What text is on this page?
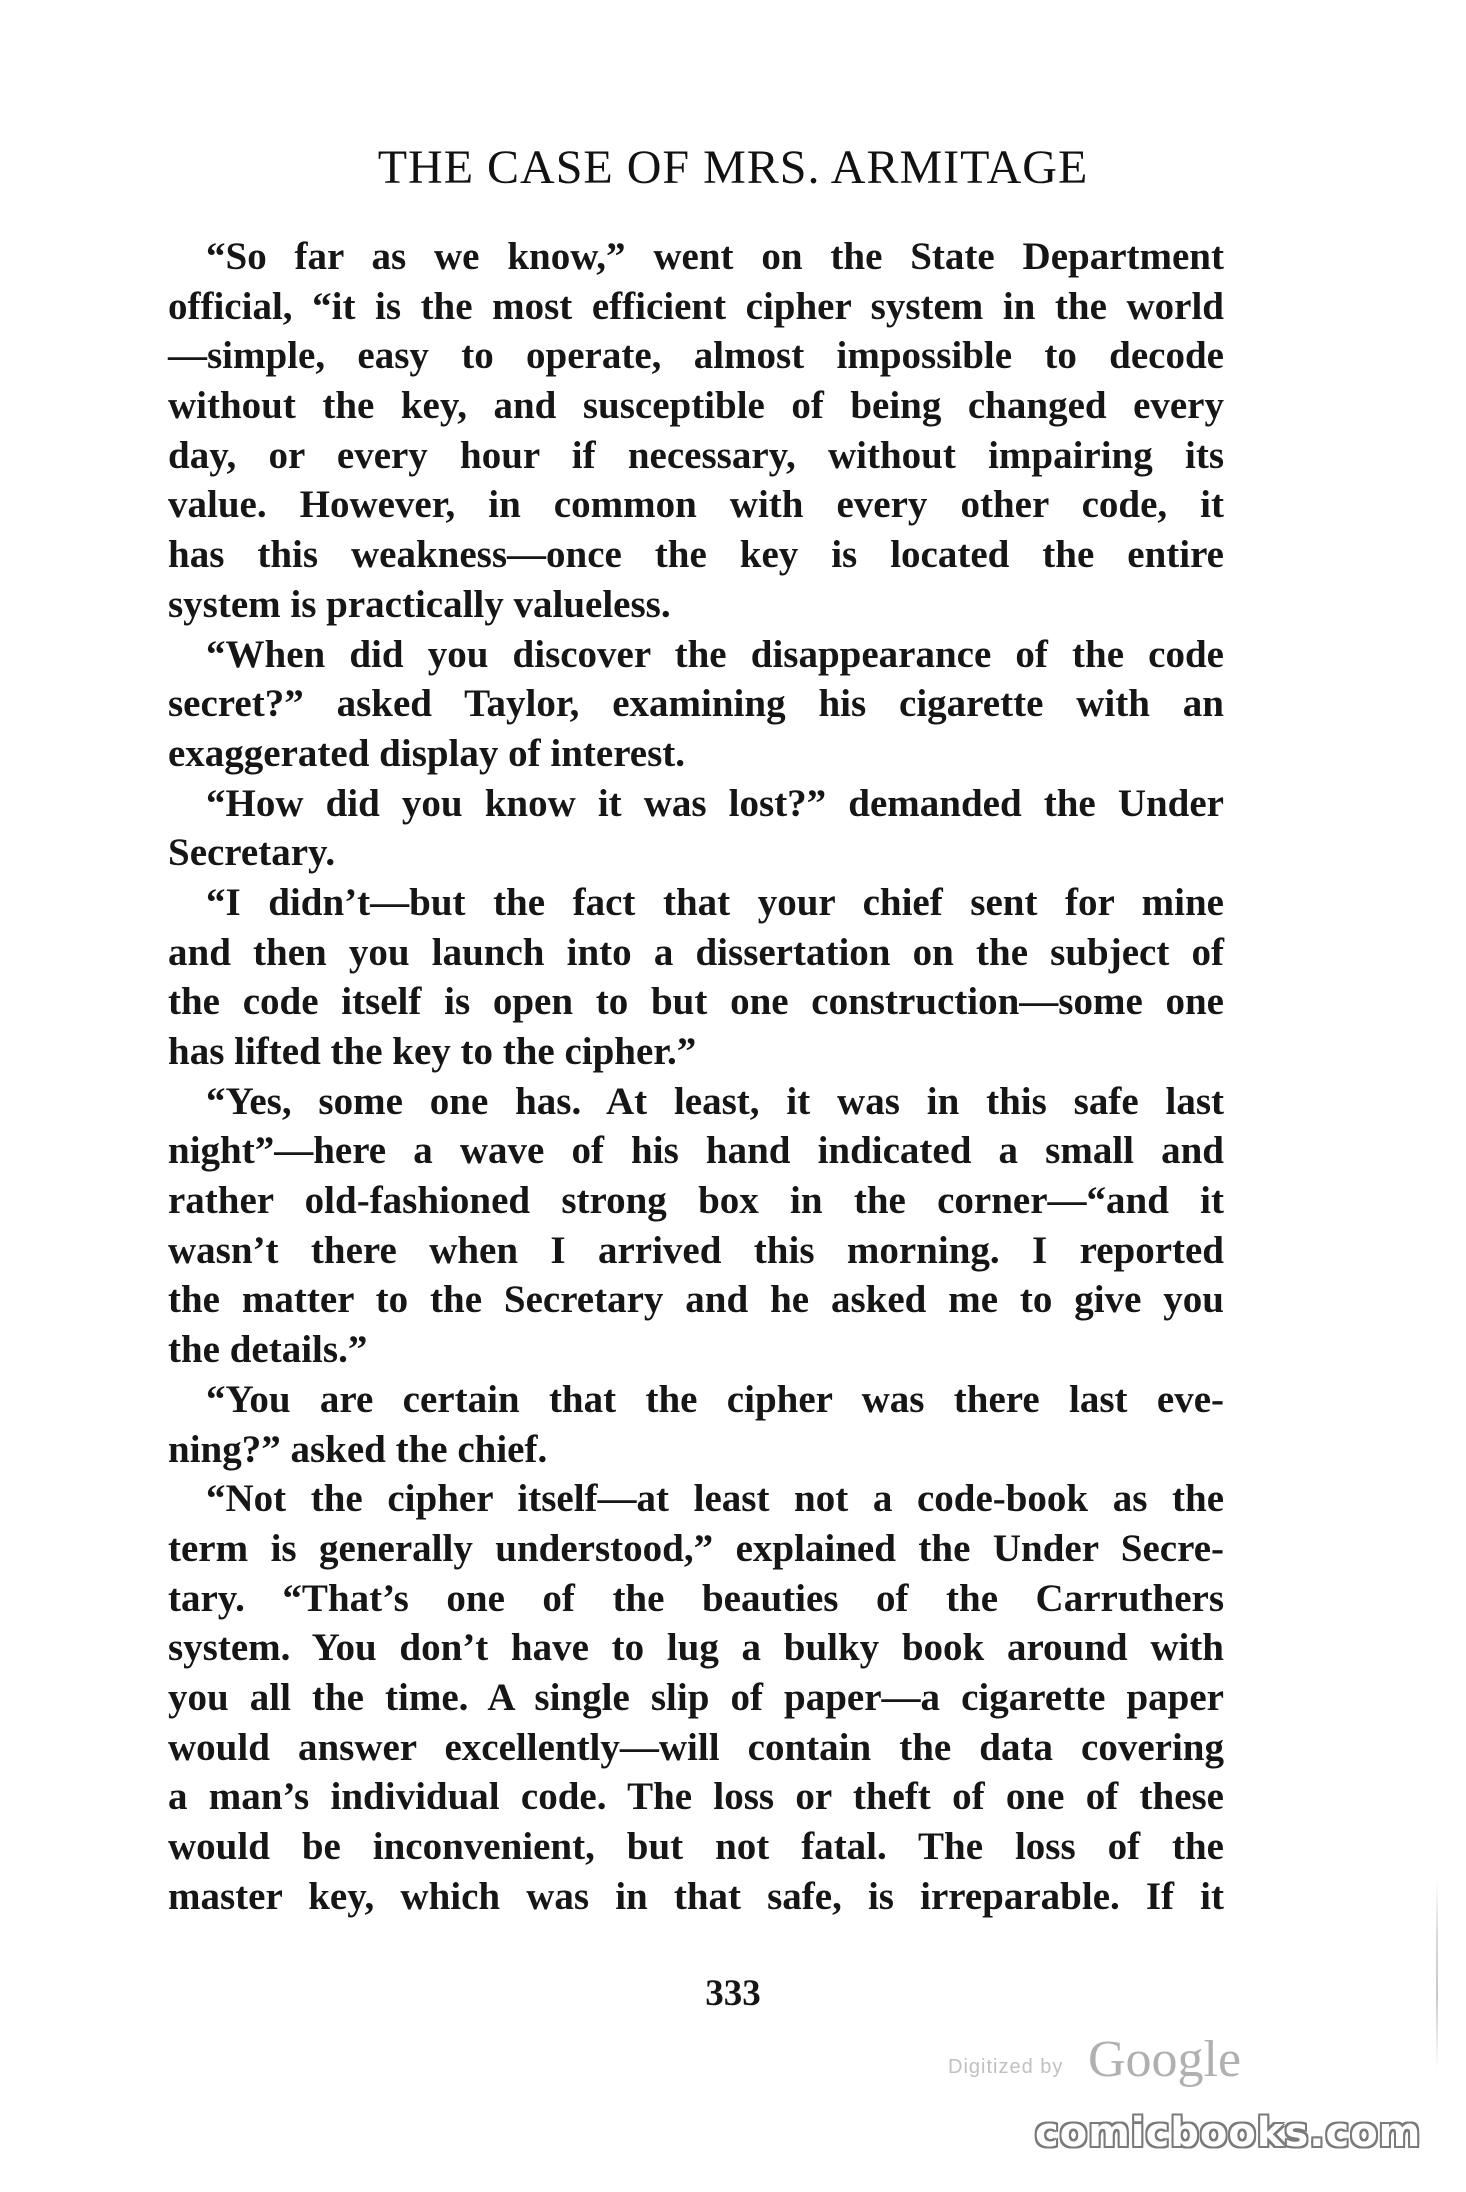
THE CASE OF MRS. ARMITAGE
“So far as we know,” went on the State Department
official, “it is the most efficient cipher system in the world
—simple, easy to operate, almost impossible to decode
without the key, and susceptible of being changed every
day, or every hour if necessary, without impairing its
value. However, in common with every other code, it
has this weakness—once the key is located the entire
system is practically valueless.
“When did you discover the disappearance of the code
secret?” asked Taylor, examining his cigarette with an
exaggerated display of interest.
“How did you know it was lost?” demanded the Under
Secretary.
“I didn’t—but the fact that your chief sent for mine
and then you launch into a dissertation on the subject of
the code itself is open to but one construction—some one
has lifted the key to the cipher.”
“Yes, some one has. At least, it was in this safe last
night”—here a wave of his hand indicated a small and
rather old-fashioned strong box in the corner—“and it
wasn’t there when I arrived this morning. I reported
the matter to the Secretary and he asked me to give you
the details.”
“You are certain that the cipher was there last eve-
ning?” asked the chief.
“Not the cipher itself—at least not a code-book as the
term is generally understood,” explained the Under Secre-
tary. “That’s one of the beauties of the Carruthers
system. You don’t have to lug a bulky book around with
you all the time. A single slip of paper—a cigarette paper
would answer excellently—will contain the data covering
a man’s individual code. The loss or theft of one of these
would be inconvenient, but not fatal. The loss of the
master key, which was in that safe, is irreparable. If it
333
Digitized by Google
comicbooks.com
